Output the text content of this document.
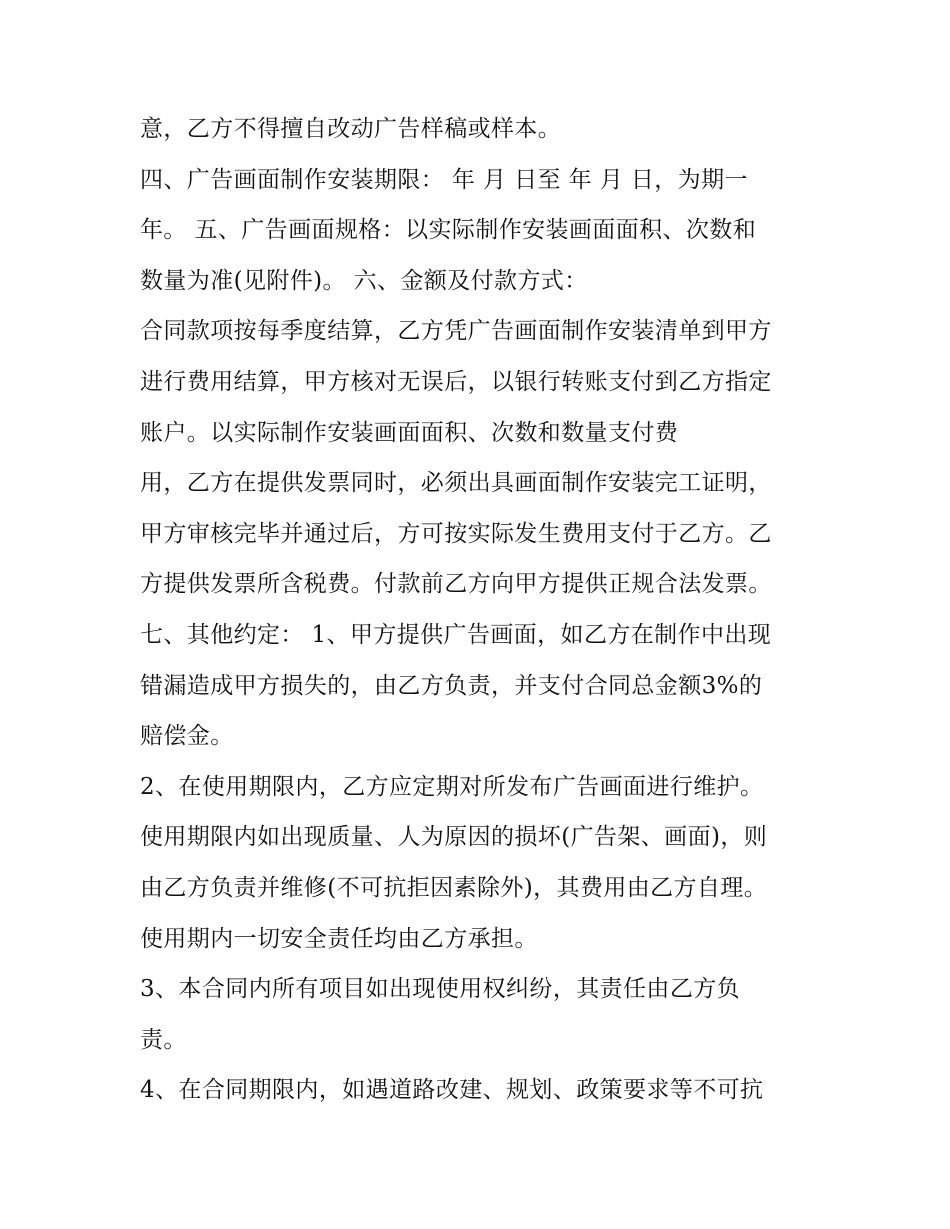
意，乙方不得擅自改动广告样稿或样本。
四、广告画面制作安装期限： 年 月 日至 年 月 日，为期一
年。 五、广告画面规格：以实际制作安装画面面积、次数和
数量为准(见附件)。 六、金额及付款方式：
合同款项按每季度结算，乙方凭广告画面制作安装清单到甲方
进行费用结算，甲方核对无误后，以银行转账支付到乙方指定
账户。以实际制作安装画面面积、次数和数量支付费
用，乙方在提供发票同时，必须出具画面制作安装完工证明，
甲方审核完毕并通过后，方可按实际发生费用支付于乙方。乙
方提供发票所含税费。付款前乙方向甲方提供正规合法发票。
七、其他约定： 1、甲方提供广告画面，如乙方在制作中出现
错漏造成甲方损失的，由乙方负责，并支付合同总金额3%的
赔偿金。
2、在使用期限内，乙方应定期对所发布广告画面进行维护。
使用期限内如出现质量、人为原因的损坏(广告架、画面)，则
由乙方负责并维修(不可抗拒因素除外)，其费用由乙方自理。
使用期内一切安全责任均由乙方承担。
3、本合同内所有项目如出现使用权纠纷，其责任由乙方负
责。
4、在合同期限内，如遇道路改建、规划、政策要求等不可抗
